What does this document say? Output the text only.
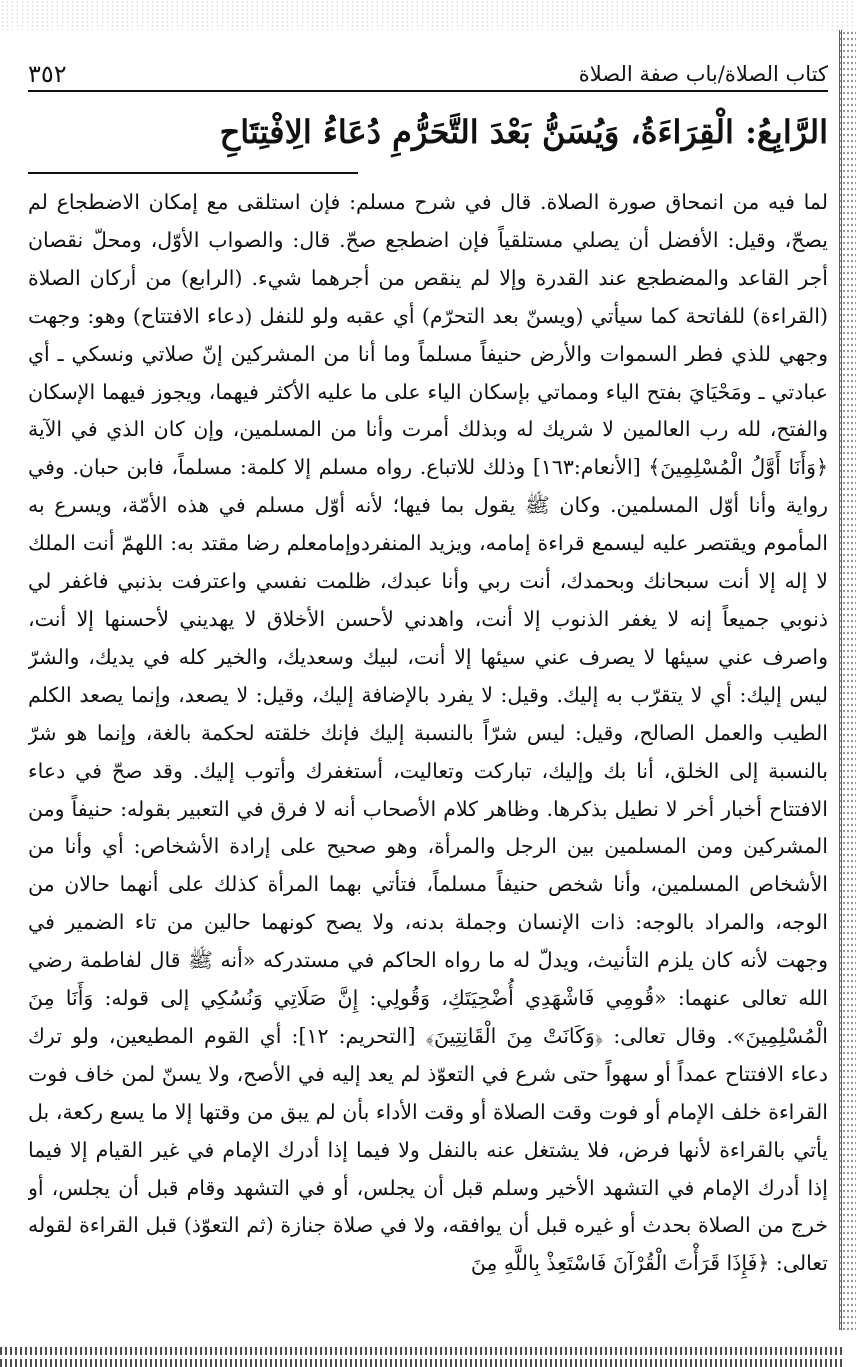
كتاب الصلاة/باب صفة الصلاة
٣٥٢
الرَّابِعُ: الْقِرَاءَةُ، وَيُسَنُّ بَعْدَ التَّحَرُّمِ دُعَاءُ الِافْتِتَاحِ

لما فيه من انمحاق صورة الصلاة. قال في شرح مسلم: فإن استلقى مع إمكان الاضطجاع لم يصحّ، وقيل: الأفضل أن يصلي مستلقياً فإن اضطجع صحّ. قال: والصواب الأوّل، ومحلّ نقصان أجر القاعد والمضطجع عند القدرة وإلا لم ينقص من أجرهما شيء. (الرابع) من أركان الصلاة (القراءة) للفاتحة كما سيأتي (ويسنّ بعد التحرّم) أي عقبه ولو للنفل (دعاء الافتتاح) وهو: وجهت وجهي للذي فطر السموات والأرض حنيفاً مسلماً وما أنا من المشركين إنّ صلاتي ونسكي ـ أي عبادتي ـ ومَحْيَايَ بفتح الياء ومماتي بإسكان الياء على ما عليه الأكثر فيهما، ويجوز فيهما الإسكان والفتح، لله رب العالمين لا شريك له وبذلك أمرت وأنا من المسلمين، وإن كان الذي في الآية ﴿وَأَنَا أَوَّلُ الْمُسْلِمِينَ﴾ [الأنعام:١٦٣] وذلك للاتباع. رواه مسلم إلا كلمة: مسلماً، فابن حبان. وفي رواية وأنا أوّل المسلمين. وكان ﷺ يقول بما فيها؛ لأنه أوّل مسلم في هذه الأمّة، ويسرع به المأموم ويقتصر عليه ليسمع قراءة إمامه، ويزيد المنفردوإمامعلم رضا مقتد به: اللهمّ أنت الملك لا إله إلا أنت سبحانك وبحمدك، أنت ربي وأنا عبدك، ظلمت نفسي واعترفت بذنبي فاغفر لي ذنوبي جميعاً إنه لا يغفر الذنوب إلا أنت، واهدني لأحسن الأخلاق لا يهديني لأحسنها إلا أنت، واصرف عني سيئها لا يصرف عني سيئها إلا أنت، لبيك وسعديك، والخير كله في يديك، والشرّ ليس إليك: أي لا يتقرّب به إليك. وقيل: لا يفرد بالإضافة إليك، وقيل: لا يصعد، وإنما يصعد الكلم الطيب والعمل الصالح، وقيل: ليس شرّاً بالنسبة إليك فإنك خلقته لحكمة بالغة، وإنما هو شرّ بالنسبة إلى الخلق، أنا بك وإليك، تباركت وتعاليت، أستغفرك وأتوب إليك. وقد صحّ في دعاء الافتتاح أخبار أخر لا نطيل بذكرها. وظاهر كلام الأصحاب أنه لا فرق في التعبير بقوله: حنيفاً ومن المشركين ومن المسلمين بين الرجل والمرأة، وهو صحيح على إرادة الأشخاص: أي وأنا من الأشخاص المسلمين، وأنا شخص حنيفاً مسلماً، فتأتي بهما المرأة كذلك على أنهما حالان من الوجه، والمراد بالوجه: ذات الإنسان وجملة بدنه، ولا يصح كونهما حالين من تاء الضمير في وجهت لأنه كان يلزم التأنيث، ويدلّ له ما رواه الحاكم في مستدركه «أنه ﷺ قال لفاطمة رضي الله تعالى عنهما: «قُومِي فَاشْهَدِي أُضْحِيَتَكِ، وَقُولِي: إِنَّ صَلَاتِي وَنُسُكِي إلى قوله: وَأَنَا مِنَ الْمُسْلِمِينَ». وقال تعالى: ﴿وَكَانَتْ مِنَ الْقَانِتِينَ﴾ [التحريم: ١٢]: أي القوم المطيعين، ولو ترك دعاء الافتتاح عمداً أو سهواً حتى شرع في التعوّذ لم يعد إليه في الأصح، ولا يسنّ لمن خاف فوت القراءة خلف الإمام أو فوت وقت الصلاة أو وقت الأداء بأن لم يبق من وقتها إلا ما يسع ركعة، بل يأتي بالقراءة لأنها فرض، فلا يشتغل عنه بالنفل ولا فيما إذا أدرك الإمام في غير القيام إلا فيما إذا أدرك الإمام في التشهد الأخير وسلم قبل أن يجلس، أو في التشهد وقام قبل أن يجلس، أو خرج من الصلاة بحدث أو غيره قبل أن يوافقه، ولا في صلاة جنازة (ثم التعوّذ) قبل القراءة لقوله تعالى: ﴿فَإِذَا قَرَأْتَ الْقُرْآنَ فَاسْتَعِذْ بِاللَّهِ مِنَ
